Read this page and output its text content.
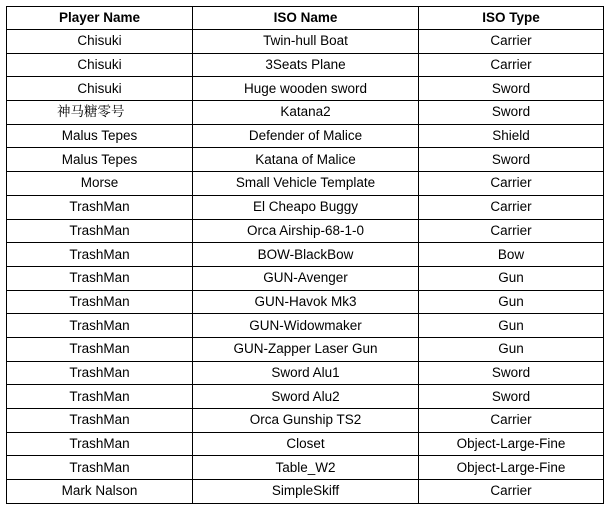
Player Name	ISO Name	ISO Type
Chisuki	Twin-hull Boat	Carrier
Chisuki	3Seats Plane	Carrier
Chisuki	Huge wooden sword	Sword
神马糖零号	Katana2	Sword
Malus Tepes	Defender of Malice	Shield
Malus Tepes	Katana of Malice	Sword
Morse	Small Vehicle Template	Carrier
TrashMan	El Cheapo Buggy	Carrier
TrashMan	Orca Airship-68-1-0	Carrier
TrashMan	BOW-BlackBow	Bow
TrashMan	GUN-Avenger	Gun
TrashMan	GUN-Havok Mk3	Gun
TrashMan	GUN-Widowmaker	Gun
TrashMan	GUN-Zapper Laser Gun	Gun
TrashMan	Sword Alu1	Sword
TrashMan	Sword Alu2	Sword
TrashMan	Orca Gunship TS2	Carrier
TrashMan	Closet	Object-Large-Fine
TrashMan	Table_W2	Object-Large-Fine
Mark Nalson	SimpleSkiff	Carrier
